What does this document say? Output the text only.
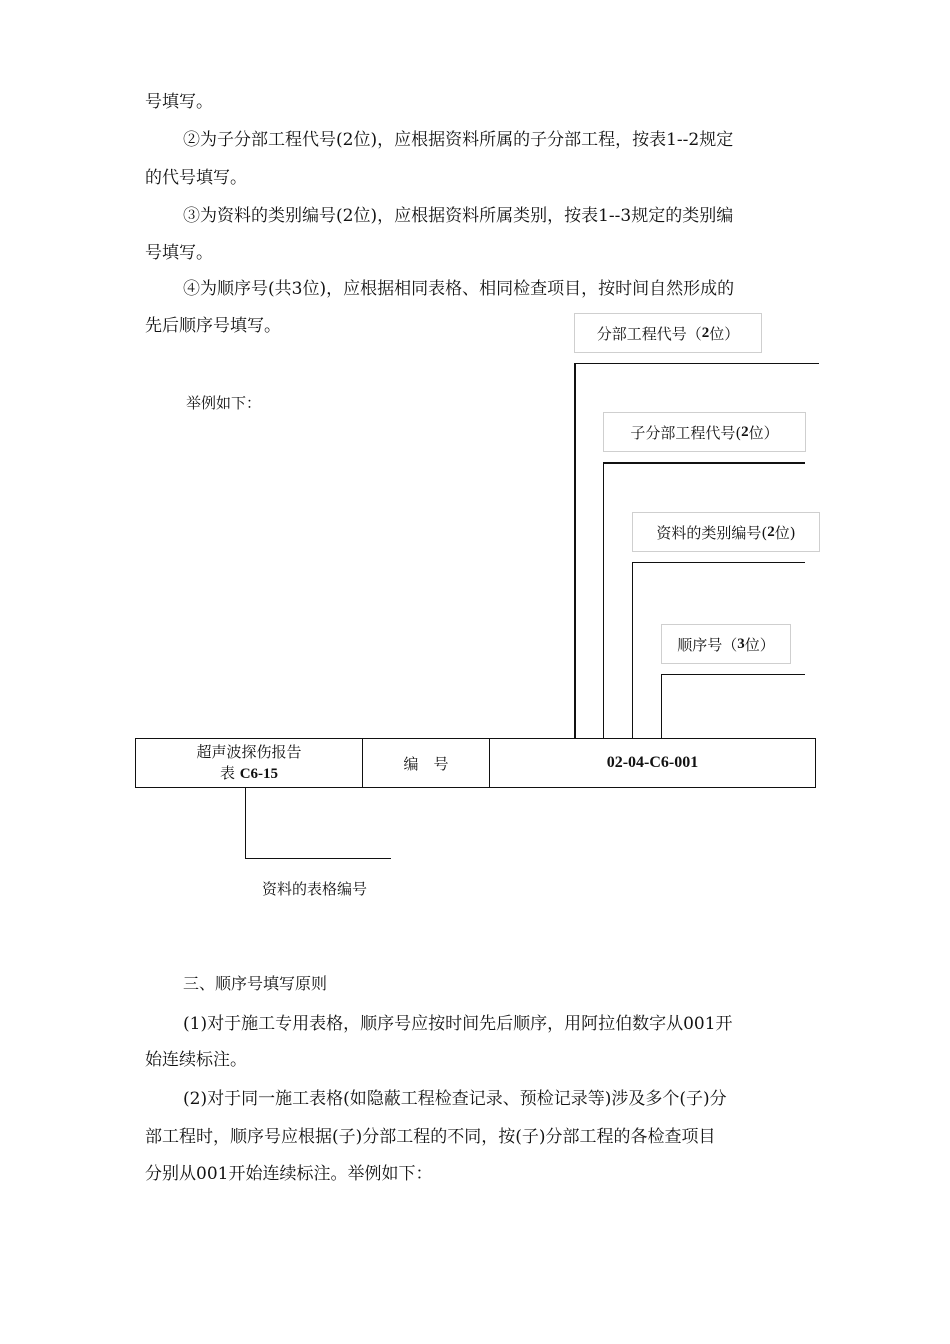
号填写。
②为子分部工程代号(2位)，应根据资料所属的子分部工程，按表1--2规定
的代号填写。
③为资料的类别编号(2位)，应根据资料所属类别，按表1--3规定的类别编
号填写。
④为顺序号(共3位)，应根据相同表格、相同检查项目，按时间自然形成的
先后顺序号填写。
举例如下：
分部工程代号（ 2 位）
子分部工程代号( 2 位）
资料的类别编号( 2 位)
顺序号（ 3 位）
超声波探伤报告
表 C6-15
编　号	02-04-C6-001
资料的表格编号
三、顺序号填写原则
(1)对于施工专用表格，顺序号应按时间先后顺序，用阿拉伯数字从001开
始连续标注。
(2)对于同一施工表格(如隐蔽工程检查记录、预检记录等)涉及多个(子)分
部工程时，顺序号应根据(子)分部工程的不同，按(子)分部工程的各检查项目
分别从001开始连续标注。举例如下：
